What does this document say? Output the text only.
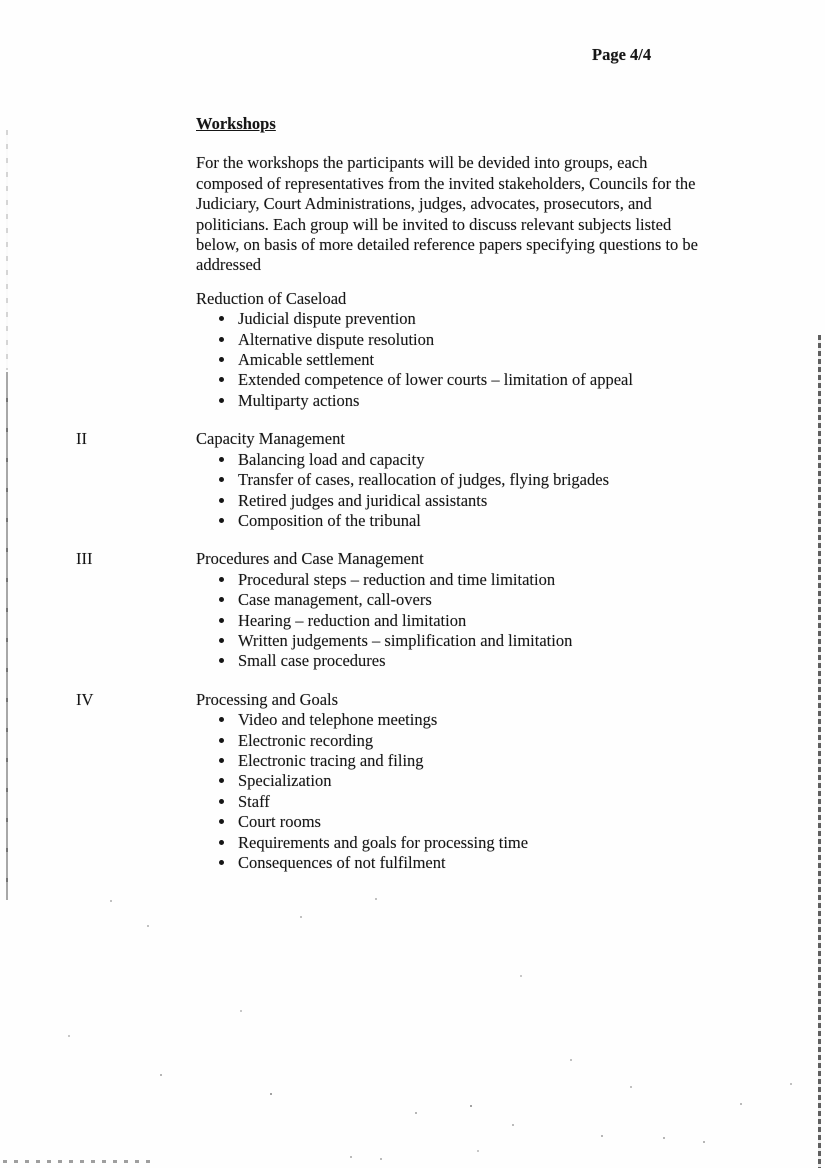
Page 4/4
Workshops

For the workshops the participants will be devided into groups, each composed of representatives from the invited stakeholders, Councils for the Judiciary, Court Administrations, judges, advocates, prosecutors, and politicians. Each group will be invited to discuss relevant subjects listed below, on basis of more detailed reference papers specifying questions to be addressed

Reduction of Caseload
• Judicial dispute prevention
• Alternative dispute resolution
• Amicable settlement
• Extended competence of lower courts – limitation of appeal
• Multiparty actions
II	Capacity Management
• Balancing load and capacity
• Transfer of cases, reallocation of judges, flying brigades
• Retired judges and juridical assistants
• Composition of the tribunal
III	Procedures and Case Management
• Procedural steps – reduction and time limitation
• Case management, call-overs
• Hearing – reduction and limitation
• Written judgements – simplification and limitation
• Small case procedures
IV	Processing and Goals
• Video and telephone meetings
• Electronic recording
• Electronic tracing and filing
• Specialization
• Staff
• Court rooms
• Requirements and goals for processing time
• Consequences of not fulfilment
